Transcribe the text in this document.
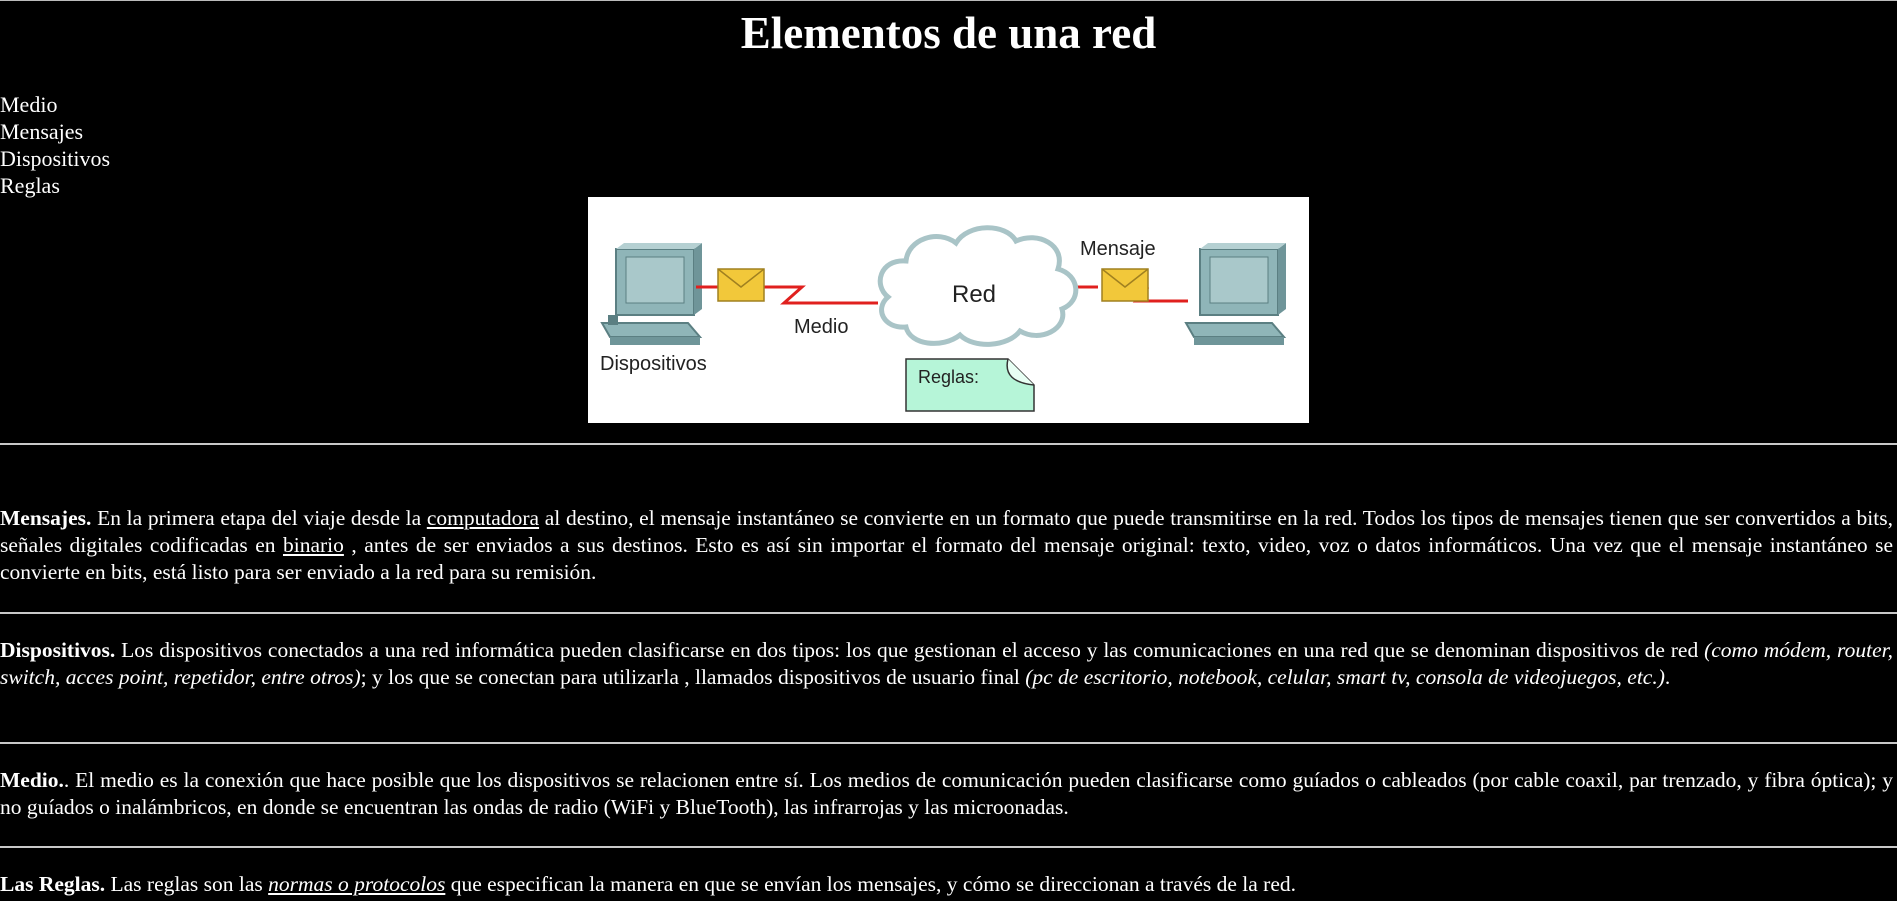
Elementos de una red
Medio
Mensajes
Dispositivos
Reglas
Red
Medio
Mensaje
Dispositivos
Reglas:
Mensajes. En la primera etapa del viaje desde la computadora al destino, el mensaje instantáneo se convierte en un formato que puede transmitirse en la red. Todos los tipos de mensajes tienen que ser convertidos a bits, señales digitales codificadas en binario , antes de ser enviados a sus destinos. Esto es así sin importar el formato del mensaje original: texto, video, voz o datos informáticos. Una vez que el mensaje instantáneo se convierte en bits, está listo para ser enviado a la red para su remisión.
Dispositivos. Los dispositivos conectados a una red informática pueden clasificarse en dos tipos: los que gestionan el acceso y las comunicaciones en una red que se denominan dispositivos de red (como módem, router, switch, acces point, repetidor, entre otros); y los que se conectan para utilizarla , llamados dispositivos de usuario final (pc de escritorio, notebook, celular, smart tv, consola de videojuegos, etc.).
Medio.. El medio es la conexión que hace posible que los dispositivos se relacionen entre sí. Los medios de comunicación pueden clasificarse como guíados o cableados (por cable coaxil, par trenzado, y fibra óptica); y no guíados o inalámbricos, en donde se encuentran las ondas de radio (WiFi y BlueTooth), las infrarrojas y las microonadas.
Las Reglas. Las reglas son las normas o protocolos que especifican la manera en que se envían los mensajes, y cómo se direccionan a través de la red.
